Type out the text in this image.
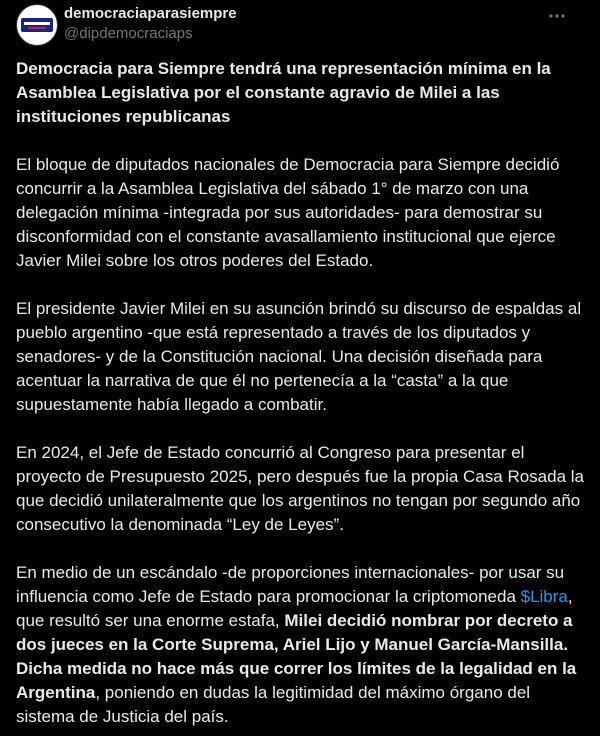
democraciaparasiempre
@dipdemocraciaps

Democracia para Siempre tendrá una representación mínima en la Asamblea Legislativa por el constante agravio de Milei a las instituciones republicanas

El bloque de diputados nacionales de Democracia para Siempre decidió concurrir a la Asamblea Legislativa del sábado 1° de marzo con una delegación mínima -integrada por sus autoridades- para demostrar su disconformidad con el constante avasallamiento institucional que ejerce Javier Milei sobre los otros poderes del Estado.

El presidente Javier Milei en su asunción brindó su discurso de espaldas al pueblo argentino -que está representado a través de los diputados y senadores- y de la Constitución nacional. Una decisión diseñada para acentuar la narrativa de que él no pertenecía a la “casta” a la que supuestamente había llegado a combatir.

En 2024, el Jefe de Estado concurrió al Congreso para presentar el proyecto de Presupuesto 2025, pero después fue la propia Casa Rosada la que decidió unilateralmente que los argentinos no tengan por segundo año consecutivo la denominada “Ley de Leyes”.

En medio de un escándalo -de proporciones internacionales- por usar su influencia como Jefe de Estado para promocionar la criptomoneda $Libra, que resultó ser una enorme estafa, Milei decidió nombrar por decreto a dos jueces en la Corte Suprema, Ariel Lijo y Manuel García-Mansilla. Dicha medida no hace más que correr los límites de la legalidad en la Argentina, poniendo en dudas la legitimidad del máximo órgano del sistema de Justicia del país.
